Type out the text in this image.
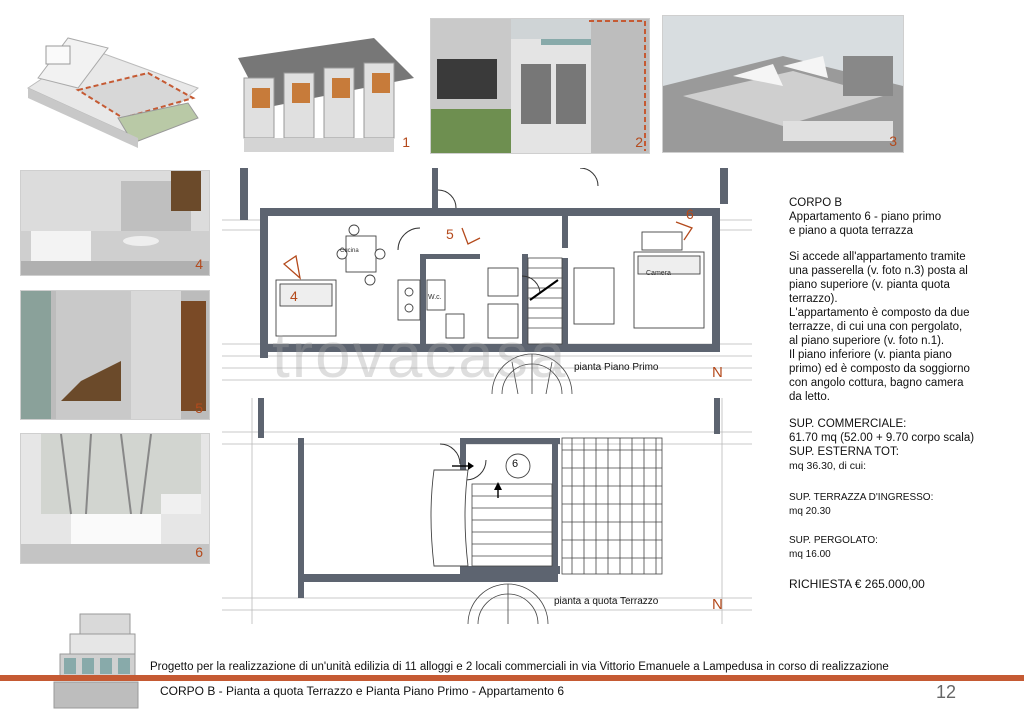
1	2	3
4
5
6
Cucina
W.c.
Camera
4
5
6
pianta Piano Primo	N
6
pianta a quota Terrazzo	N
trovacasa

CORPO B

Appartamento 6 - piano primo

e piano a quota terrazza

Si accede all'appartamento tramite

una passerella (v. foto n.3) posta al

piano superiore (v. pianta quota

terrazzo).

L'appartamento è composto da due

terrazze, di cui una con pergolato,

al piano superiore (v. foto n.1).

Il piano inferiore (v. pianta piano

primo) ed è composto da soggiorno

con angolo cottura, bagno camera

da letto.

SUP. COMMERCIALE:

61.70 mq (52.00 + 9.70 corpo scala)

SUP. ESTERNA TOT:

mq 36.30, di cui:

SUP. TERRAZZA D'INGRESSO:

mq 20.30

SUP. PERGOLATO:

mq 16.00

RICHIESTA € 265.000,00

Progetto per la realizzazione di un'unità edilizia di 11 alloggi e 2 locali commerciali in via Vittorio Emanuele a Lampedusa in corso di realizzazione
CORPO B - Pianta a quota Terrazzo e Pianta Piano Primo - Appartamento 6	12
